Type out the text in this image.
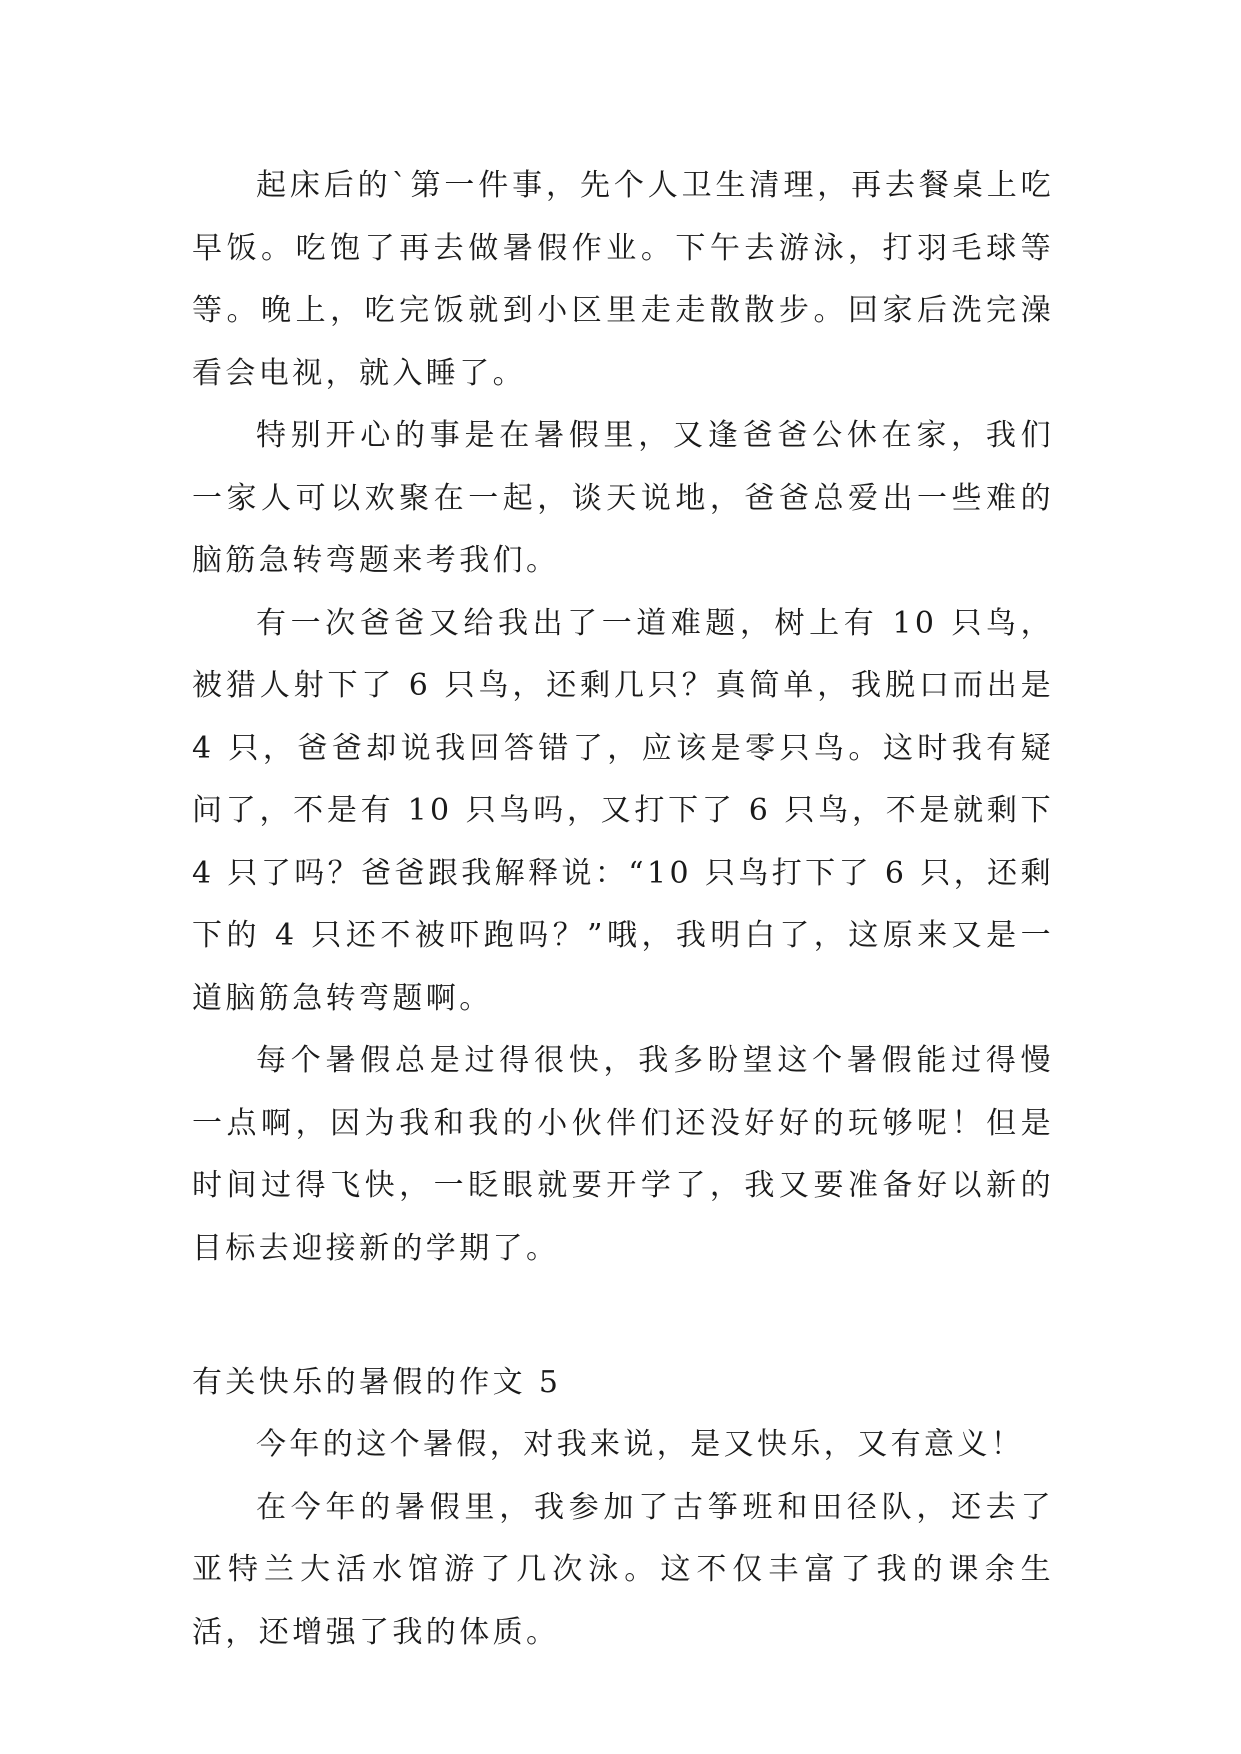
起床后的`第一件事，先个人卫生清理，再去餐桌上吃早饭。吃饱了再去做暑假作业。下午去游泳，打羽毛球等等。晚上，吃完饭就到小区里走走散散步。回家后洗完澡看会电视，就入睡了。

特别开心的事是在暑假里，又逢爸爸公休在家，我们一家人可以欢聚在一起，谈天说地，爸爸总爱出一些难的脑筋急转弯题来考我们。

有一次爸爸又给我出了一道难题，树上有 10 只鸟，被猎人射下了 6 只鸟，还剩几只？真简单，我脱口而出是 4 只，爸爸却说我回答错了，应该是零只鸟。这时我有疑问了，不是有 10 只鸟吗，又打下了 6 只鸟，不是就剩下 4 只了吗？爸爸跟我解释说：“10 只鸟打下了 6 只，还剩下的 4 只还不被吓跑吗？”哦，我明白了，这原来又是一道脑筋急转弯题啊。

每个暑假总是过得很快，我多盼望这个暑假能过得慢一点啊，因为我和我的小伙伴们还没好好的玩够呢！但是时间过得飞快，一眨眼就要开学了，我又要准备好以新的目标去迎接新的学期了。

有关快乐的暑假的作文 5

今年的这个暑假，对我来说，是又快乐，又有意义！

在今年的暑假里，我参加了古筝班和田径队，还去了亚特兰大活水馆游了几次泳。这不仅丰富了我的课余生活，还增强了我的体质。
